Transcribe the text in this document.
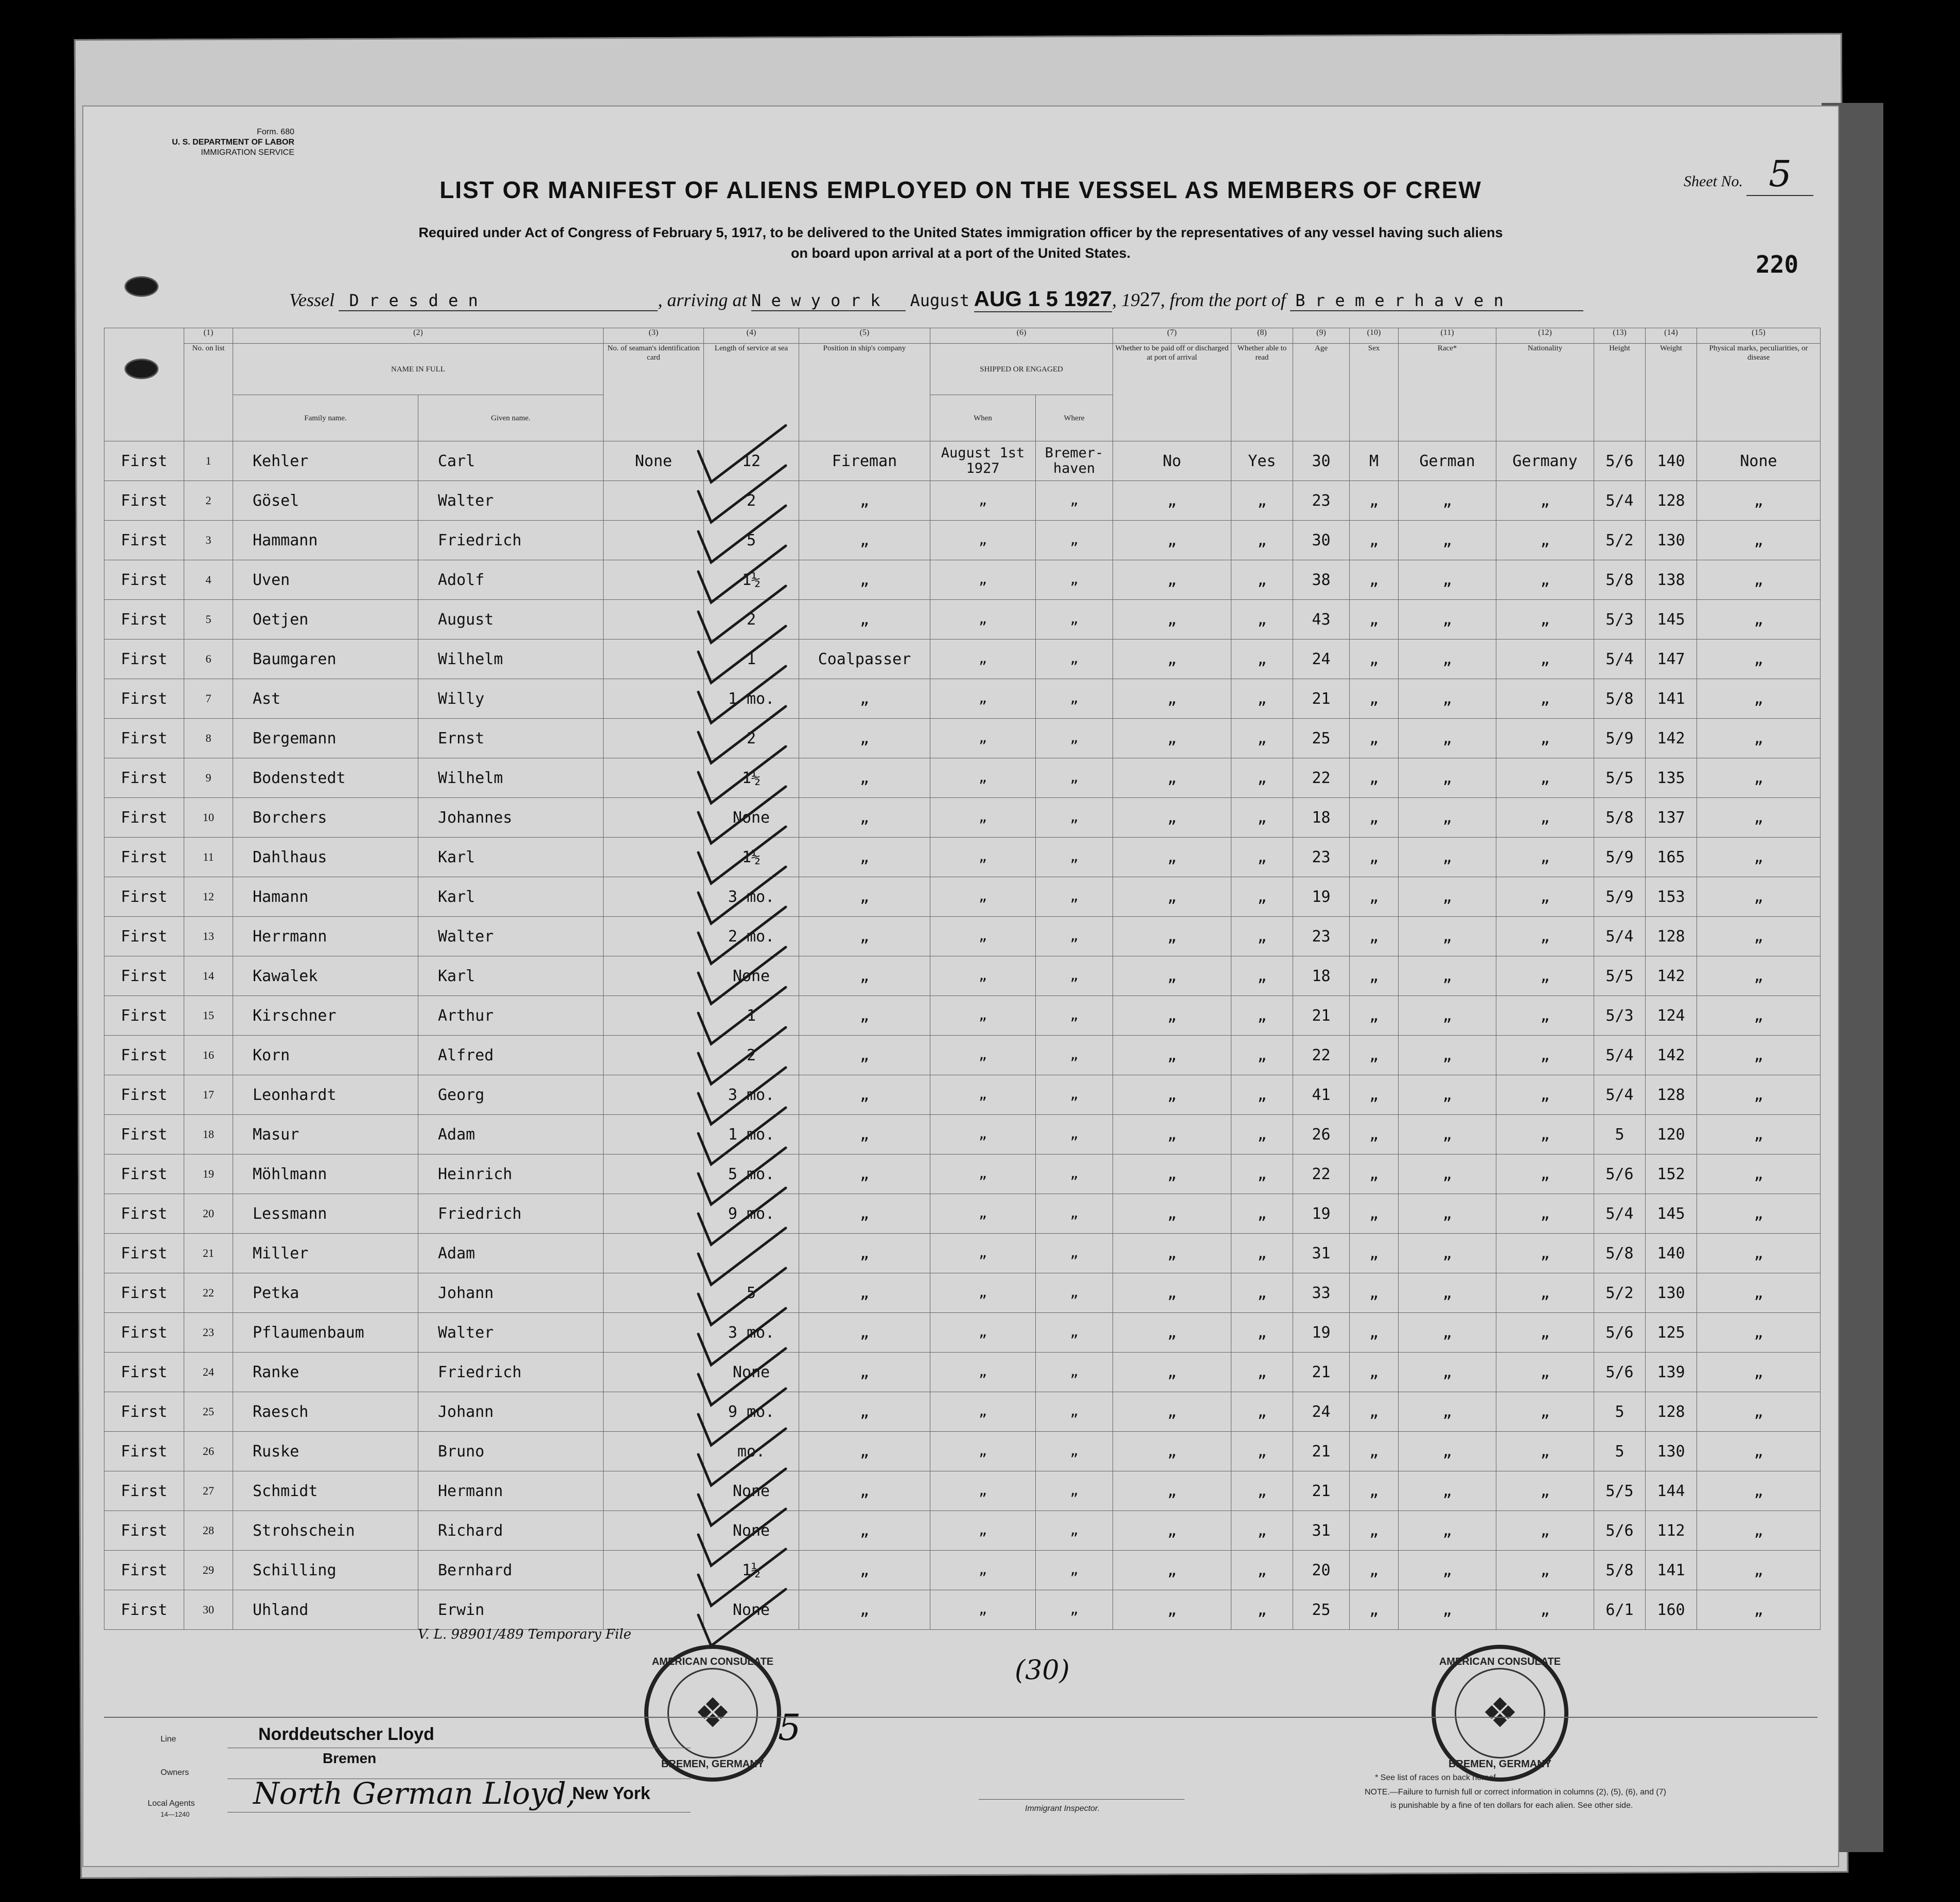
Form. 680
U. S. DEPARTMENT OF LABOR
IMMIGRATION SERVICE
Sheet No. 5
LIST OR MANIFEST OF ALIENS EMPLOYED ON THE VESSEL AS MEMBERS OF CREW
Required under Act of Congress of February 5, 1917, to be delivered to the United States immigration officer by the representatives of any vessel having such aliens
on board upon arrival at a port of the United States.	220
Vessel D r e s d e n	, arriving at N e w y o r k August AUG 1 5 1927, 1927, from the port of B r e m e r h a v e n
	(1)	(2)		(3)	(4)	(5)	(6)		(7)	(8)	(9)	(10)	(11)	(12)	(13)	(14)	(15)
	No. on list	NAME IN FULL		No. of seaman's identification card	Length of service at sea	Position in ship's company	SHIPPED OR ENGAGED		Whether to be paid off or discharged at port of arrival	Whether able to read	Age	Sex	Race*	Nationality	Height	Weight	Physical marks, peculiarities, or disease
		Family name.	Given name.				When	Where									
First	1	Kehler	Carl	None	12	Fireman	August 1st 1927	Bremer- haven	No	Yes	30	M	German	Germany	5/6	140	None
First	2	Gösel	Walter		2	„	„	„	„	„	23	„	„	„	5/4	128	„
First	3	Hammann	Friedrich		5	„	„	„	„	„	30	„	„	„	5/2	130	„
First	4	Uven	Adolf		1½	„	„	„	„	„	38	„	„	„	5/8	138	„
First	5	Oetjen	August		2	„	„	„	„	„	43	„	„	„	5/3	145	„
First	6	Baumgaren	Wilhelm		1	Coalpasser	„	„	„	„	24	„	„	„	5/4	147	„
First	7	Ast	Willy		1 mo.	„	„	„	„	„	21	„	„	„	5/8	141	„
First	8	Bergemann	Ernst		2	„	„	„	„	„	25	„	„	„	5/9	142	„
First	9	Bodenstedt	Wilhelm		1½	„	„	„	„	„	22	„	„	„	5/5	135	„
First	10	Borchers	Johannes		None	„	„	„	„	„	18	„	„	„	5/8	137	„
First	11	Dahlhaus	Karl		1½	„	„	„	„	„	23	„	„	„	5/9	165	„
First	12	Hamann	Karl		3 mo.	„	„	„	„	„	19	„	„	„	5/9	153	„
First	13	Herrmann	Walter		2 mo.	„	„	„	„	„	23	„	„	„	5/4	128	„
First	14	Kawalek	Karl		None	„	„	„	„	„	18	„	„	„	5/5	142	„
First	15	Kirschner	Arthur		1	„	„	„	„	„	21	„	„	„	5/3	124	„
First	16	Korn	Alfred		2	„	„	„	„	„	22	„	„	„	5/4	142	„
First	17	Leonhardt	Georg		3 mo.	„	„	„	„	„	41	„	„	„	5/4	128	„
First	18	Masur	Adam		1 mo.	„	„	„	„	„	26	„	„	„	5	120	„
First	19	Möhlmann	Heinrich		5 mo.	„	„	„	„	„	22	„	„	„	5/6	152	„
First	20	Lessmann	Friedrich		9 mo.	„	„	„	„	„	19	„	„	„	5/4	145	„
First	21	Miller	Adam			„	„	„	„	„	31	„	„	„	5/8	140	„
First	22	Petka	Johann		5	„	„	„	„	„	33	„	„	„	5/2	130	„
First	23	Pflaumenbaum	Walter		3 mo.	„	„	„	„	„	19	„	„	„	5/6	125	„
First	24	Ranke	Friedrich		None	„	„	„	„	„	21	„	„	„	5/6	139	„
First	25	Raesch	Johann		9 mo.	„	„	„	„	„	24	„	„	„	5	128	„
First	26	Ruske	Bruno		mo.	„	„	„	„	„	21	„	„	„	5	130	„
First	27	Schmidt	Hermann		None	„	„	„	„	„	21	„	„	„	5/5	144	„
First	28	Strohschein	Richard		None	„	„	„	„	„	31	„	„	„	5/6	112	„
First	29	Schilling	Bernhard		1½	„	„	„	„	„	20	„	„	„	5/8	141	„
First	30	Uhland	Erwin		None	„	„	„	„	„	25	„	„	„	6/1	160	„
V. L. 98901/489 Temporary File
(30)
5
AMERICAN CONSULATE
❖
BREMEN, GERMANY
AMERICAN CONSULATE
❖
BREMEN, GERMANY
Line	Norddeutscher Lloyd
Owners
Bremen
Local Agents
14—1240
North German Lloyd,
New York
Immigrant Inspector.
* See list of races on back hereof.
NOTE.—Failure to furnish full or correct information in columns (2), (5), (6), and (7)
is punishable by a fine of ten dollars for each alien. See other side.
